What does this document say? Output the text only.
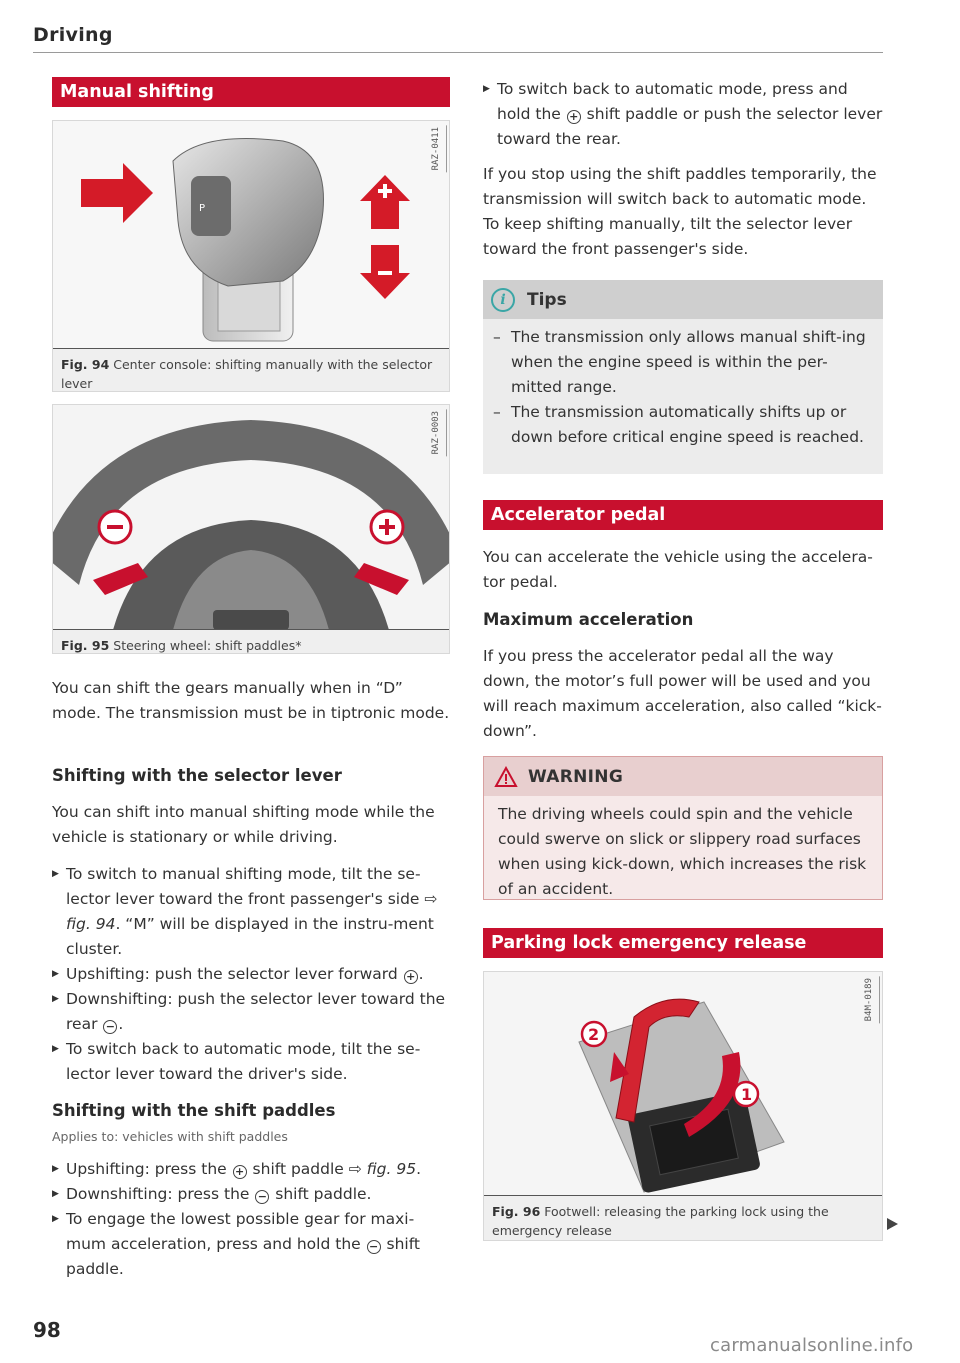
Driving
Manual shifting
P
RAZ-0411
Fig. 94 Center console: shifting manually with the selector lever
RAZ-0003
Fig. 95 Steering wheel: shift paddles*

You can shift the gears manually when in “D” mode. The transmission must be in tiptronic mode.

Shifting with the selector lever

You can shift into manual shifting mode while the vehicle is stationary or while driving.

▶ To switch to manual shifting mode, tilt the se-lector lever toward the front passenger's side ⇨ fig. 94. “M” will be displayed in the instru-ment cluster.
▶ Upshifting: push the selector lever forward + .
▶ Downshifting: push the selector lever toward the rear − .
▶ To switch back to automatic mode, tilt the se-lector lever toward the driver's side.
Shifting with the shift paddles
Applies to: vehicles with shift paddles
▶ Upshifting: press the + shift paddle ⇨ fig. 95.
▶ Downshifting: press the − shift paddle.
▶ To engage the lowest possible gear for maxi-mum acceleration, press and hold the − shift paddle.
▶ To switch back to automatic mode, press and hold the + shift paddle or push the selector lever toward the rear.

If you stop using the shift paddles temporarily, the transmission will switch back to automatic mode. To keep shifting manually, tilt the selector lever toward the front passenger's side.

i	Tips
– The transmission only allows manual shift-ing when the engine speed is within the per-mitted range.
– The transmission automatically shifts up or down before critical engine speed is reached.
Accelerator pedal

You can accelerate the vehicle using the accelera-tor pedal.

Maximum acceleration

If you press the accelerator pedal all the way down, the motor’s full power will be used and you will reach maximum acceleration, also called “kick-down”.

WARNING
The driving wheels could spin and the vehicle could swerve on slick or slippery road surfaces when using kick-down, which increases the risk of an accident.
Parking lock emergency release
2
1
B4M-0189
Fig. 96 Footwell: releasing the parking lock using the emergency release
98
carmanualsonline.info
